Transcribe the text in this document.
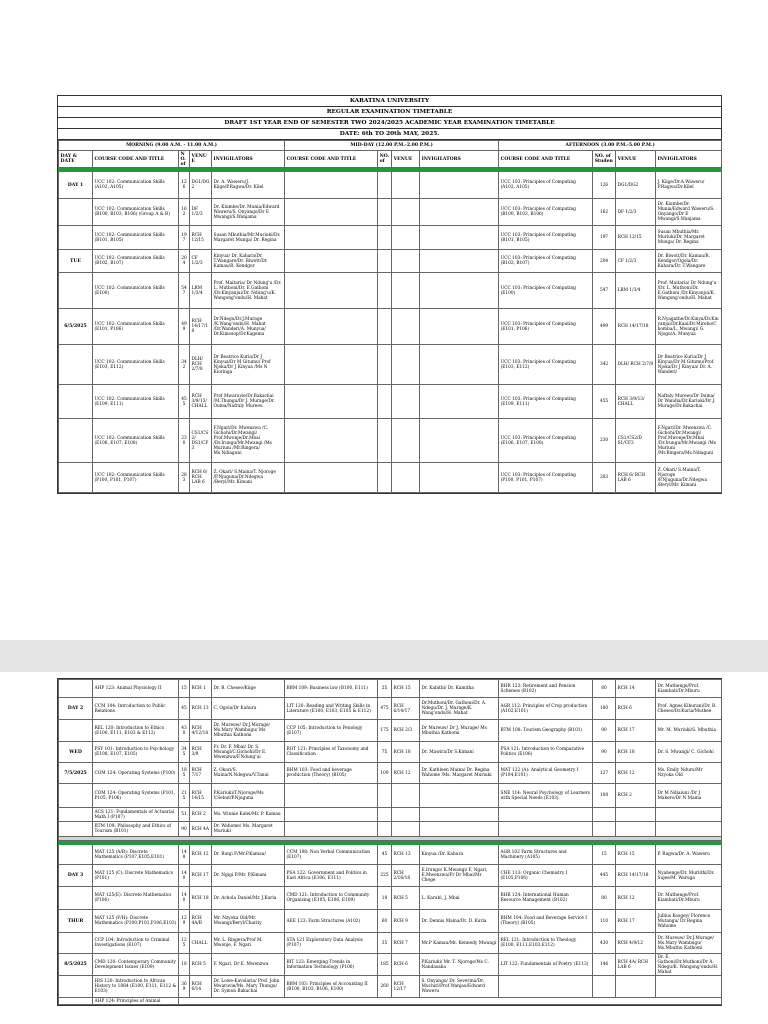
KARATINA UNIVERSITY
REGULAR EXAMINATION TIMETABLE
DRAFT 1ST YEAR END OF SEMESTER TWO 2024/2025 ACADEMIC YEAR EXAMINATION TIMETABLE
DATE: 6th TO 20th MAY, 2025.
MORNING (9.00 A.M. - 11.00 A.M.)					MID-DAY (12.00 P.M.-2.00 P.M.)				AFTERNOON (3.00 P.M.-5.00 P.M.)			
DAY & DATE	COURSE CODE AND TITLE	NO. of	VENUE	INVIGILATORS	COURSE CODE AND TITLE	NO. of	VENUE	INVIGILATORS	COURSE CODE AND TITLE	NO. of Studen	VENUE	INVIGILATORS

DAY 1	UCC 102: Communication Skills (A102, A105)	126	DG1/DG2	Dr. A. Waweru/J. Kiige/P.Ragwa/Dr. Kilel					UCC 103: Principles of Computing (A102, A105)	126	DG1/DG2	J. Kiige/Dr.A.Waweru/ P.Ragwa/Dr.Kilel
	UCC 102: Communication Skills (B100, B103, B106) (Group A & B)	162	DF 1/2/3	Dr. Kiumbe/Dr. Munia/Edward Waweru/S. Onyango/Dr E Mwangi/S.Wanjama					UCC 103: Principles of Computing (B100, B103, B106)	162	DF 1/2/3	Dr. Kiumbe/Dr. Munia/Edward Waweru/S. Onyango/Dr E Mwangi/S.Wanjama
	UCC 102: Communication Skills (B101, B105)	197	RCH 12/15	Susan Mbuthia/Mr.Muriuki/Dr. Margaret Munga/ Dr. Regina					UCC 103: Principles of Computing (B101, B105)	197	RCH 12/15	Susan Mbuthia/Mr. Muriuki/Dr. Margaret Munga/ Dr. Regina
TUE	UCC 102: Communication Skills (B102, B107)	204	CF 1/2/3	Kinyua/ Dr. Kahara/Dr. T.Wangare/Dr. Biwott/Dr. Kamau/R. Kendgor					UCC 103: Principles of Computing (B102, B107)	204	CF 1/2/3	Dr. Biwott/Dr. Kamau/R. Kendgor/Ogola/Dr. Kahara/Dr. T.Wangare
	UCC 102: Communication Skills (E100)	547	LRM 1/3/4	Prof. Maitaria/ Dr Ndung'u /Dr. L. Muthoni/Dr. E.Gathoni /Dr.Kinyanjui/Dr. Ndung'u/K. Wangong'ondu/H. Mahat					UCC 103: Principles of Computing (E100)	547	LRM 1/3/4	Prof. Maitaria/ Dr Ndung'u /Dr. L. Muthoni/Dr. E.Gathoni /Dr.Kinyanjui/K. Wangong'ondu/H. Mahat
6/5/2025	UCC 102: Communication Skills (E101, P106)	499	RCH 14/17/18	Dr.Ndegu/Dr.J.Murage /K.Wang'ondu/H. Mahat /Dr.Wanderi/A. Munyua/ Dr.Kimosop/Dr.Kagema					UCC 103: Principles of Computing (E101, P106)	499	RCH 14/17/18	R.Nyagathe/Dr.Kinya/Dr.Kinyanjui/Dr.Kaai/Dr.Mireho/C homba/L. Mwangi/ G. Njogu/A. Munyua
	UCC 102: Communication Skills (E103, E112)	342	DLH/ RCH 2/7/8	Dr Beatrice Kuria/Dr J Kinyua/Dr M Gitumu/ Prof Njoka/Dr J Kinyua /Ms N Kioringa					UCC 103: Principles of Computing (E103, E112)	342	DLH/ RCH 2/7/8	Dr Beatrice Kuria/Dr J Kinyua/Dr M Gitumu/Prof Njoka/Dr J Kinyua/ Dr. A. Wanderi/
	UCC 102: Communication Skills (E109, E111)	455	RCH 3/9/13/ CHALL	Prof Mwaruvie/Dr.Bakachai /M.Thungu/Dr J. Murage/Dr. Ouma/Nafraly Mureeu					UCC 103: Principles of Computing (E109, E111)	455	RCH 3/9/13/ CHALL	Naftaly Mureeu/Dr Duma/ Dr Wandia/Dr.Kariuki/Dr J. Murage/Dr.Bakachai
	UCC 102: Communication Skills (E106, E107, E108)	230	CS1/CS2/ DS1/CF3	F.Ngari/Dr. Mwenzwa /C. Gichohi/Dr.Mwangi/ Prof.Mwonje/Dr.Mbai /Dr.Irungu/Mr.Mwangi /Ms Muriuni /Mr.Ringera/ Ms.Ndiaguni					UCC 103: Principles of Computing (E106, E107, E108)	230	CS1/CS2/D S1/CF3	F.Ngari/Dr. Mwenzwa /C. Gichohi/Dr.Mwangi/ Prof.Mwonje/Dr.Mbai /Dr.Irungu/Mr.Mwangi /Ms Muriuni /Mr.Ringera/Ms.Ndiaguni
	UCC 102: Communication Skills (P100, P101, P107)	283	RCH 6/ RCH LAB 6	Z. Okari/ S.Maina/T. Njoroge /P.Njuguna/Dr.Ndegwa /Beryl/Mr. Kimani					UCC 103: Principles of Computing (P100, P101, P107)	283	RCH 6/ RCH LAB 6	Z. Okari/ S.Maina/T. Njoroge /P.Njuguna/Dr.Ndegwa /Beryl/Mr. Kimani
	AHP 123: Animal Physiology II	15	RCH 1	Dr. B. Cheseo/Kiige	BBM 109: Business law (B100, E111)	25	RCH 15	Dr. Kabithi/ Dr. Kamitha	BHR 123: Retirement and Pension Schemes (B102)	80	RCH 14	Dr. Muthenge/Prof. Kiambati/Dr.Mburu
DAY 2	CCM 104: Introduction to Public Relations	45	RCH 13	C. Ogola/Dr Kahura	LIT 120: Reading and Writing Skills in Literature (E100, E103, E105 & E112)	475	RCH 6/14/17	Dr.Muthoni/Dr. Gathoni/Dr. A. Ndegu/Dr. J. Murage/K. Wang'ondu/H. Mahat	AGR 112: Principles of Crop production (A102,E101)	180	RCH 6	Prof. Agnes Kihurani/Dr. B. Cheseo/Dr.Kuria/Muthee
	REL 120: Introduction to Ethics (E100, E111, E103 & E112)	430	RCH 4/12/18	Dr. Mureuw/ Dr.J.Murage/ Ms.Mary Wambugu/ Ms Mbuthia Kathomi	CCP 105: Introduction to Penology (E107)	175	RCH 2/3	Dr Mureuw/ Dr J. Murage/ Ms Mbuthia Kathomi	BTM 108: Tourism Geography (B101)	90	RCH 17	Mr. M. Muriuki/S. Mbuthia
WED	PSY 101: Introduction to Psychology (E108, E107, E105)	345	RCH 3/9	Fr. Dr. F. Mbai/ Dr. S. Mwangi/C.Gichohi/Dr E. Mwenzwa/F.Ndung'ui	ROT 121: Principles of Taxonomy and Classification	75	RCH 18	Dr. Mawira/Dr S.Kimani	PSA 121: Introduction to Comparative Politics (E106)	90	RCH 18	Dr. S. Mwangi/ C. Gichohi
7/5/2025	COM 124: Operating Systems (P100)	185	RCH 7/17	Z. Okari/S. Maina/N.Ndegwa/V.Tanui	BHM 103: Food and beverage production (Theory) (B105)	109	RCH 12	Dr. Kathleen Maina/ Dr. Regina Wahome /Ms. Margaret Muriuki	MAT 122 (A): Analytical Geometry I (P104,E101)	127	RCH 12	Ms. Emily Nduru/Mr Nzyoka Old
	COM 124: Operating Systems (P101, P105, P106)	215	RCH 14/15	P.Kariuki/T.Njoroge/Ms V.Sebut/P.Njuguna					SNE 114: Neural Psychology of Learners with Special Needs (E103)	108	RCH 2	Dr M Ndiaiuni /Dr J Makero/Dr N Maina
	ACS 121: Fundamentals of Actuarial Math I (P107)	51	RCH 2	Ms. Winnie Kulei/Mr. P. Kamau								
	BTM 109: Philosophy and Ethics of Tourism (B101)	90	RCH 4A	Dr. Wahome/ Ms. Margaret Muriuki								

	MAT 125 (A/B): Discrete Mathematics (P107,E105,E101)	148	RCH 12	Dr. Runji F/Mr.P.Kamau/	CCM 108: Non Verbal Communication (E107)	45	RCH 13	Kinyua /Dr. Kahura	AGR 102 Farm Structures and Machinery (A105)	15	RCH 15	P. Ragwa/Dr. A. Waweru
DAY 3	MAT 125 (C): Discrete Mathematics (P101)	140	RCH 17	Dr. Ngigi P/Mr. P.Kimani	PSA 122: Government and Politics in East Africa (E106, E111)	225	RCH 2/16/18	E.Irungu/ K.Mwangi/ F. Ngari, E.Mwenzwa/Fr Dr Mbai/Mr Chege	CHE 113: Organic Chemistry I (E105,P106)	445	RCH 14/17/18	Nyabenge/Dr. Muriithi/Dr. Sujee/M. Waruga
	MAT 125(E): Discrete Mathematics (P106)	140	RCH 18	Dr. Achola Daniel/Mr. J.Kuria	CMD 121: Introduction to Community Organizing (E105, E106, E109)	18	RCH 5	L. Karabi, J. Mbai	BHR 124: International Human Resource Management (B102)	80	RCH 12	Dr. Muthenge/Prof. Kiambati/Dr.Mburu
THUR	MAT 125 (F/H): Discrete Mathematics (P100,P101,P106,E103)	129	RCH 4A/B	Mr. Nzyoka Old/Mr. Mwangi/Beryl/Charity	AEE 123: Farm Structures (A102)	60	RCH 9	Dr. Dennis Maina/Dr. D. Kuria	BHM 104: Food and Beverage Service I (Theory) (B105)	110	RCH 17	Jullius Kosgey/ Florence Mutangu/ Dr Regina Wahome
	CCP 104: Introduction to Criminal Investigations (E107)	125	CHALL	Mr. L. Ringera/Prof M. Mwonje, F. Ngari	STA 121 Exploratory Data Analysis (P107)	35	RCH 7	Mr.P Kamau/Mr. Kennedy Mwangi	REL 121: Introduction to Theology (E100, E111,E103,E112)	430	RCH 4/9/12	Dr. Mureuw/ Dr.J.Murage/ Ms.Mary Wambugu/ Ms.Mbuthu Kathomi
8/5/2025	CMD 120: Contemporary Community Development Issues (E109)	18	RCH 5	F. Ngari, Dr E. Mwenzwa	BIT 123: Emerging Trends in Information Technology (P100)	185	RCH 6	P.Kariuki/ Mr. T. Njoroge/Ms C. Nandasaba	LIT 122: Fundamentals of Poetry (E113)	146	RCH 4A/ RCH LAB 6	Dr. E. Gathoni/Dr.Muthoni/Dr A. Ndegu/K. Wangong'ondu/H. Mahat
	HIS 120: Introduction to African History to 1884 (E100, E111, E112 & E103)	369	RCH 6/14	Dr. Lowe-Kavolaria/ Prof. John Mwaruvie/Ms. Mary Thungu/ Dr. Symon Bakachai	BBM 103: Principles of Accounting II (B100, B103, B106, E100)	260	RCH 12/17	S. Onyango/ Dr. Severina/Dr. Muchiri/Prof Wanjau/Edward Waweru				
	AHP 124: Principles of Animal											
